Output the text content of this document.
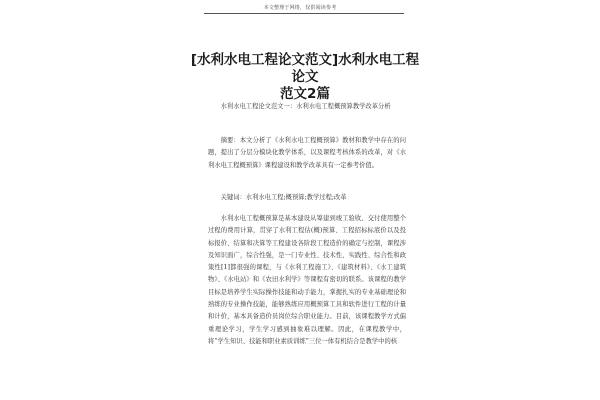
本文整理于网络，仅供阅读参考
[水利水电工程论文范文]水利水电工程论文
范文2篇

水利水电工程论文范文一：水利水电工程概预算教学改革分析

摘要：本文分析了《水利水电工程概预算》教材和教学中存在的问题，提出了分层分模块化教学体系，以及课程考核体系的改革，对《水利水电工程概预算》课程建设和教学改革具有一定参考价值。

关键词：水利水电工程;概预算;教学过程;改革

水利水电工程概预算是基本建设从筹建到竣工验收、交付使用整个过程的费用计算，贯穿了水利工程估(概)预算、工程招标标底价以及投标报价、结算和决算等工程建设各阶段工程造价的确定与控制，课程涉及知识面广，综合性强，是一门专业性、技术性、实践性、综合性和政策性[1]都很强的课程，与《水利工程施工》、《建筑材料》、《水工建筑物》、《水电站》和《农田水利学》等课程有密切的联系。该课程的教学目标是培养学生实际操作技能和动手能力，掌握扎实的专业基础理论和熟练的专业操作技能，能够熟练应用概预算工具和软件进行工程的计量和计价，基本具备造价员岗位综合职业能力。目前，该课程教学方式偏重理论学习，学生学习感到抽象难以理解。因此，在课程教学中，将“学生知识、技能和职业素质训练”三位一体有机结合是教学中的核
